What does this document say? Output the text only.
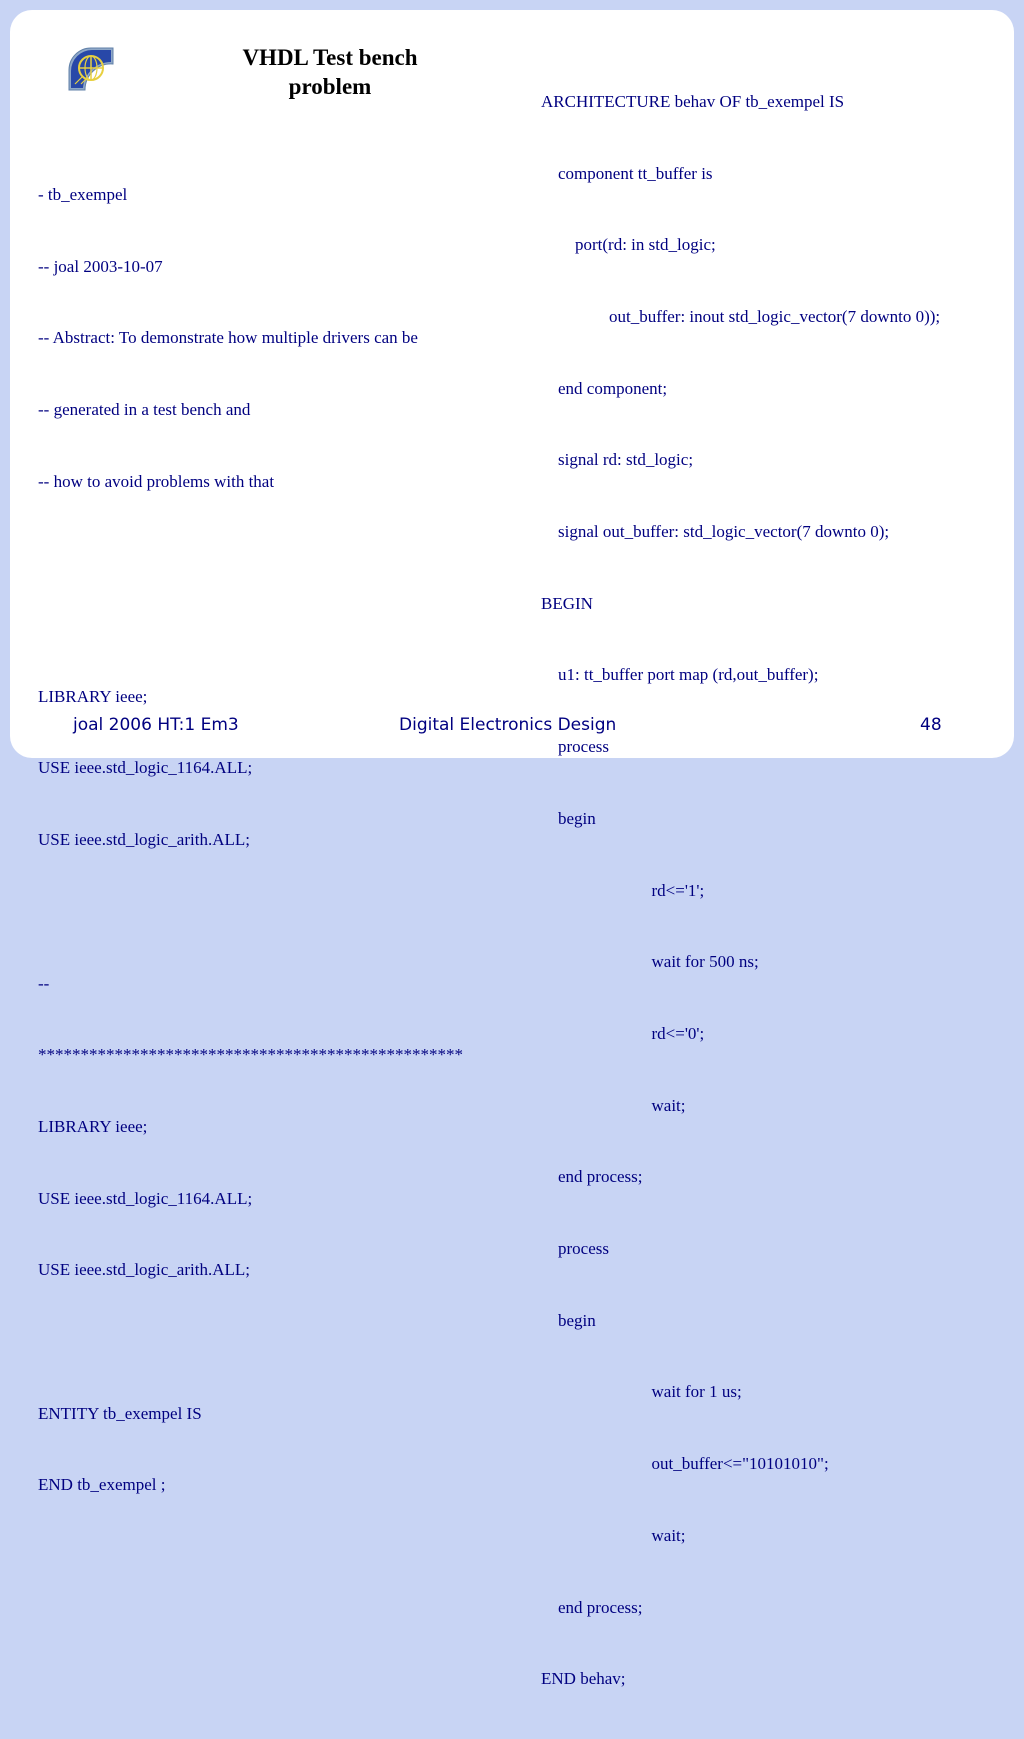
VHDL Test bench
problem

- tb_exempel

-- joal 2003-10-07

-- Abstract: To demonstrate how multiple drivers can be

-- generated in a test bench and

-- how to avoid problems with that

LIBRARY ieee;

USE ieee.std_logic_1164.ALL;

USE ieee.std_logic_arith.ALL;

--

**************************************************

LIBRARY ieee;

USE ieee.std_logic_1164.ALL;

USE ieee.std_logic_arith.ALL;

ENTITY tb_exempel IS

END tb_exempel ;

ARCHITECTURE behav OF tb_exempel IS

component tt_buffer is

port(rd: in std_logic;

out_buffer: inout std_logic_vector(7 downto 0));

end component;

signal rd: std_logic;

signal out_buffer: std_logic_vector(7 downto 0);

BEGIN

u1: tt_buffer port map (rd,out_buffer);

process

begin

rd<='1';

wait for 500 ns;

rd<='0';

wait;

end process;

process

begin

wait for 1 us;

out_buffer<="10101010";

wait;

end process;

END behav;

joal 2006 HT:1 Em3	Digital Electronics Design	48
